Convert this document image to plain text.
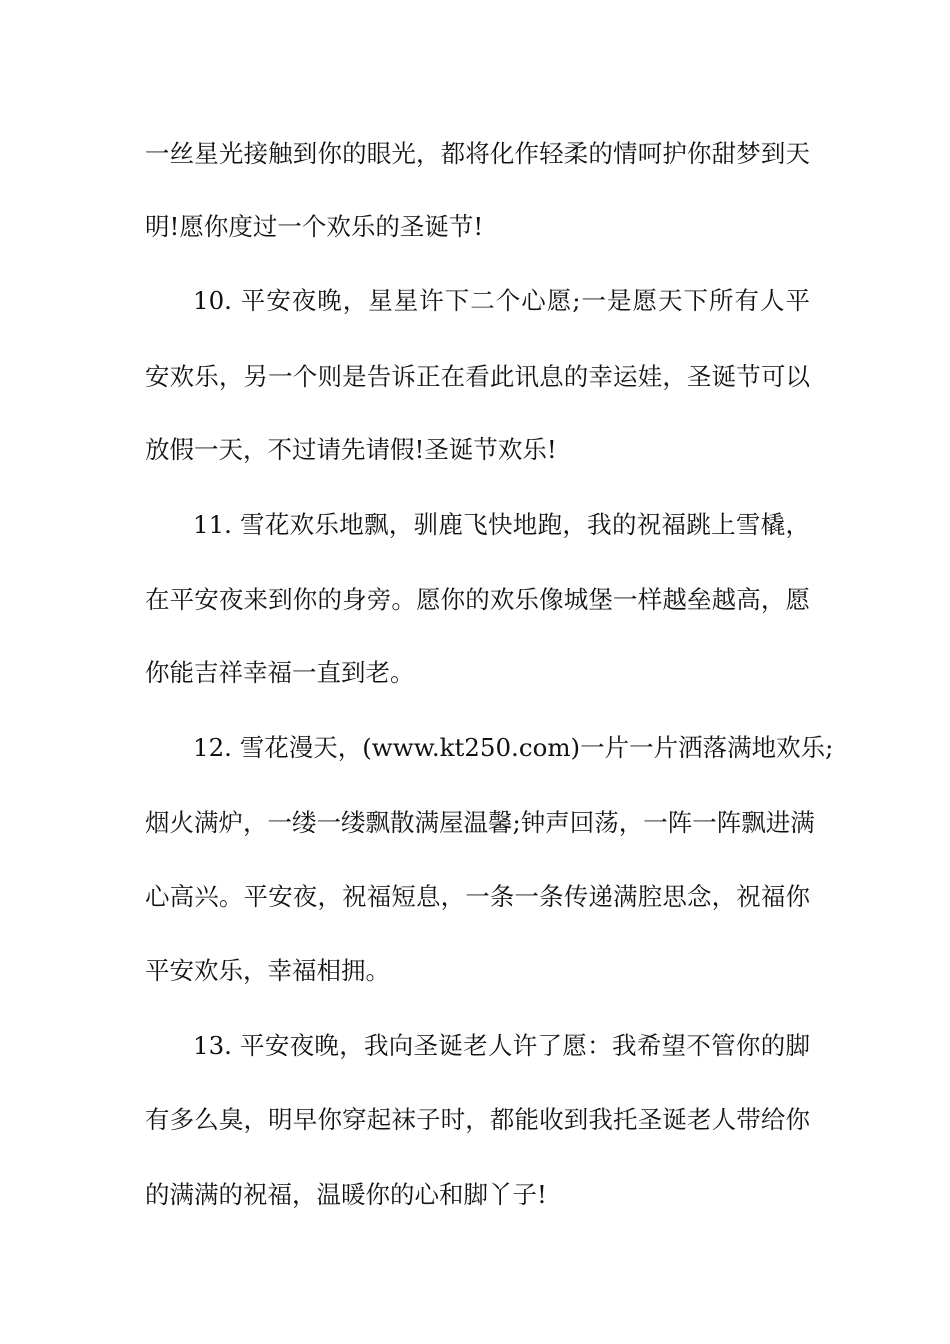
一丝星光接触到你的眼光，都将化作轻柔的情呵护你甜梦到天
明!愿你度过一个欢乐的圣诞节!
10. 平安夜晚，星星许下二个心愿;一是愿天下所有人平
安欢乐，另一个则是告诉正在看此讯息的幸运娃，圣诞节可以
放假一天，不过请先请假!圣诞节欢乐!
11. 雪花欢乐地飘，驯鹿飞快地跑，我的祝福跳上雪橇，
在平安夜来到你的身旁。愿你的欢乐像城堡一样越垒越高，愿
你能吉祥幸福一直到老。
12. 雪花漫天，(www.kt250.com)一片一片洒落满地欢乐;
烟火满炉，一缕一缕飘散满屋温馨;钟声回荡，一阵一阵飘进满
心高兴。平安夜，祝福短息，一条一条传递满腔思念，祝福你
平安欢乐，幸福相拥。
13. 平安夜晚，我向圣诞老人许了愿：我希望不管你的脚
有多么臭，明早你穿起袜子时，都能收到我托圣诞老人带给你
的满满的祝福，温暖你的心和脚丫子!
